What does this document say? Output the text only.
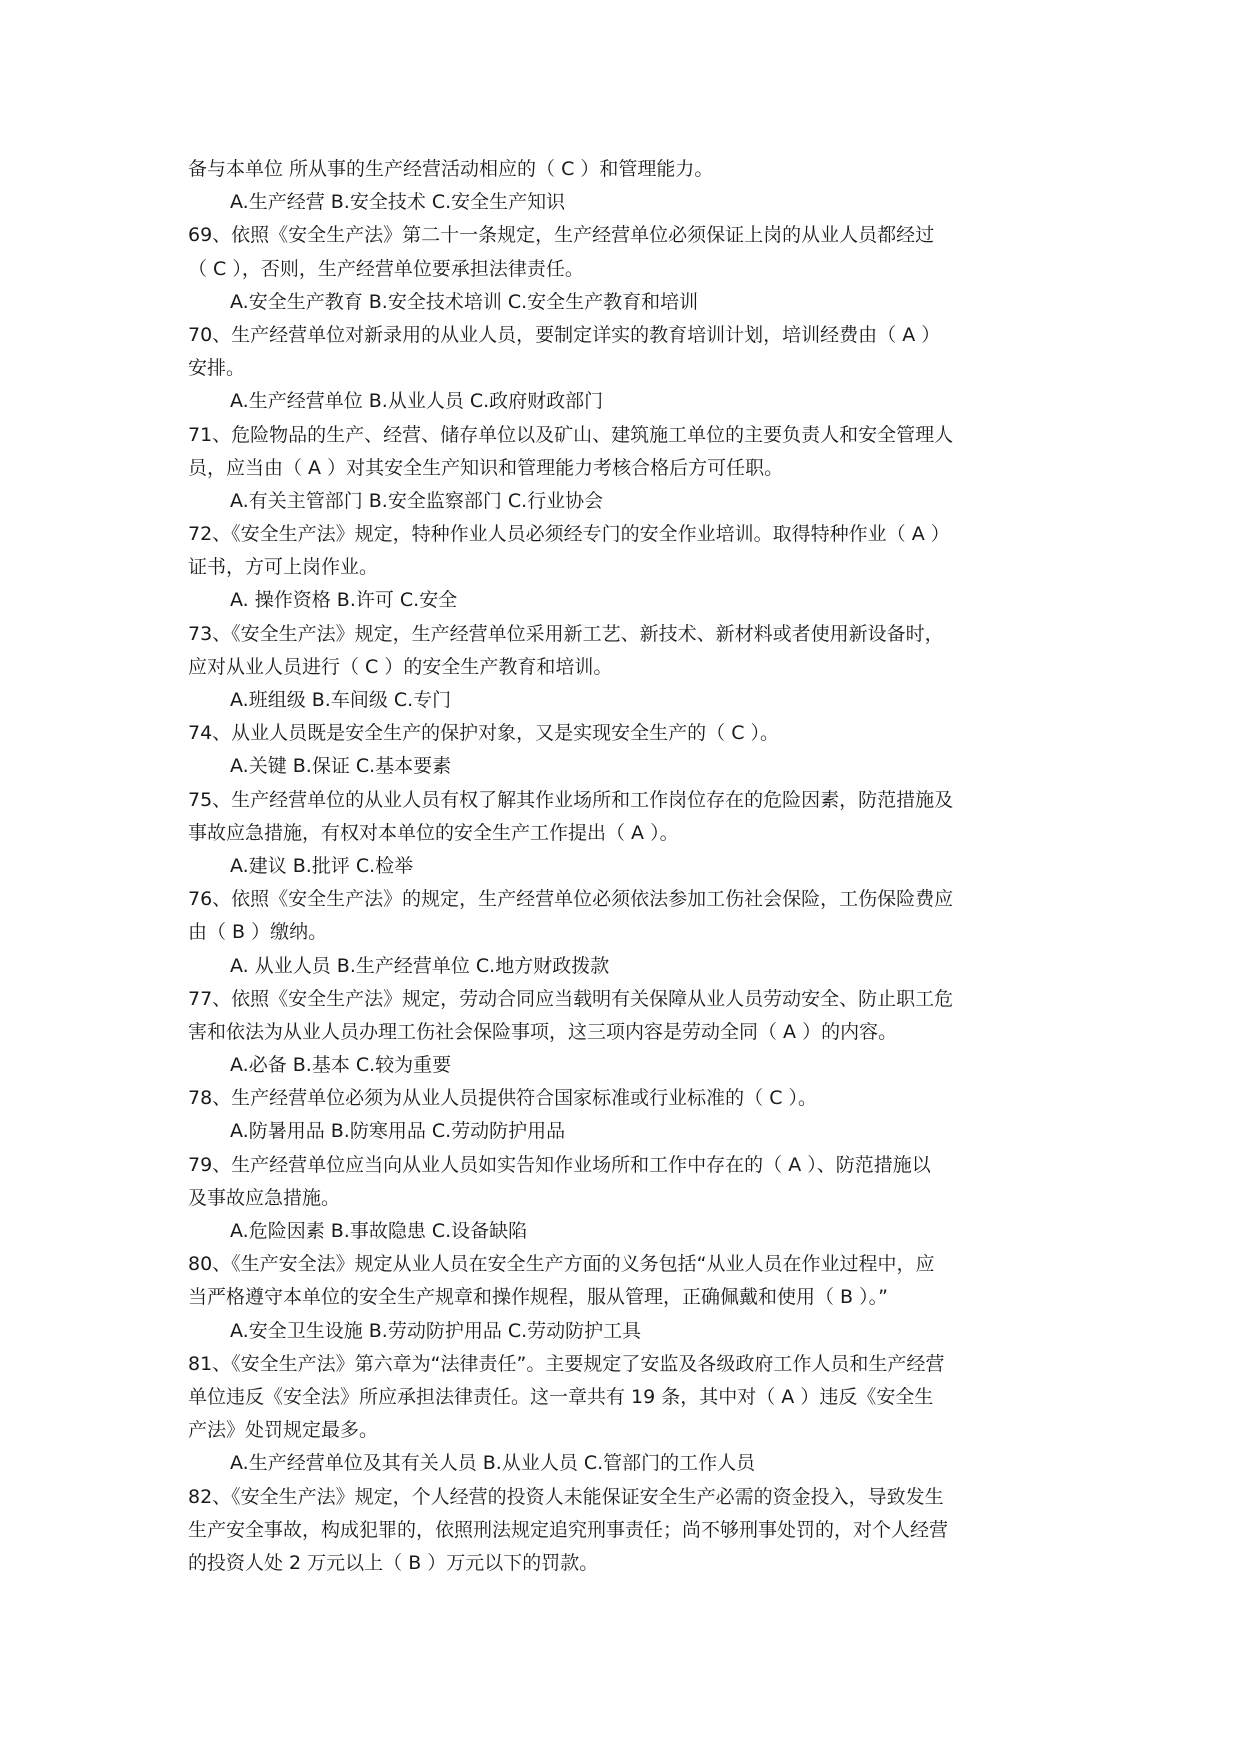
备与本单位 所从事的生产经营活动相应的（ C ）和管理能力。
A.生产经营 B.安全技术 C.安全生产知识
69、依照《安全生产法》第二十一条规定，生产经营单位必须保证上岗的从业人员都经过
（ C ），否则，生产经营单位要承担法律责任。
A.安全生产教育 B.安全技术培训 C.安全生产教育和培训
70、生产经营单位对新录用的从业人员，要制定详实的教育培训计划，培训经费由（ A ）
安排。
A.生产经营单位 B.从业人员 C.政府财政部门
71、危险物品的生产、经营、储存单位以及矿山、建筑施工单位的主要负责人和安全管理人
员，应当由（ A ）对其安全生产知识和管理能力考核合格后方可任职。
A.有关主管部门 B.安全监察部门 C.行业协会
72、《安全生产法》规定，特种作业人员必须经专门的安全作业培训。取得特种作业（ A ）
证书，方可上岗作业。
A. 操作资格 B.许可 C.安全
73、《安全生产法》规定，生产经营单位采用新工艺、新技术、新材料或者使用新设备时，
应对从业人员进行（ C ）的安全生产教育和培训。
A.班组级 B.车间级 C.专门
74、从业人员既是安全生产的保护对象，又是实现安全生产的（ C ）。
A.关键 B.保证 C.基本要素
75、生产经营单位的从业人员有权了解其作业场所和工作岗位存在的危险因素，防范措施及
事故应急措施，有权对本单位的安全生产工作提出（ A ）。
A.建议 B.批评 C.检举
76、依照《安全生产法》的规定，生产经营单位必须依法参加工伤社会保险，工伤保险费应
由（ B ）缴纳。
A. 从业人员 B.生产经营单位 C.地方财政拨款
77、依照《安全生产法》规定，劳动合同应当载明有关保障从业人员劳动安全、防止职工危
害和依法为从业人员办理工伤社会保险事项，这三项内容是劳动全同（ A ）的内容。
A.必备 B.基本 C.较为重要
78、生产经营单位必须为从业人员提供符合国家标准或行业标准的（ C ）。
A.防暑用品 B.防寒用品 C.劳动防护用品
79、生产经营单位应当向从业人员如实告知作业场所和工作中存在的（ A ）、防范措施以
及事故应急措施。
A.危险因素 B.事故隐患 C.设备缺陷
80、《生产安全法》规定从业人员在安全生产方面的义务包括“从业人员在作业过程中，应
当严格遵守本单位的安全生产规章和操作规程，服从管理，正确佩戴和使用（ B ）。”
A.安全卫生设施 B.劳动防护用品 C.劳动防护工具
81、《安全生产法》第六章为“法律责任”。主要规定了安监及各级政府工作人员和生产经营
单位违反《安全法》所应承担法律责任。这一章共有 19 条，其中对（ A ）违反《安全生
产法》处罚规定最多。
A.生产经营单位及其有关人员 B.从业人员 C.管部门的工作人员
82、《安全生产法》规定，个人经营的投资人未能保证安全生产必需的资金投入，导致发生
生产安全事故，构成犯罪的，依照刑法规定追究刑事责任；尚不够刑事处罚的，对个人经营
的投资人处 2 万元以上（ B ）万元以下的罚款。
